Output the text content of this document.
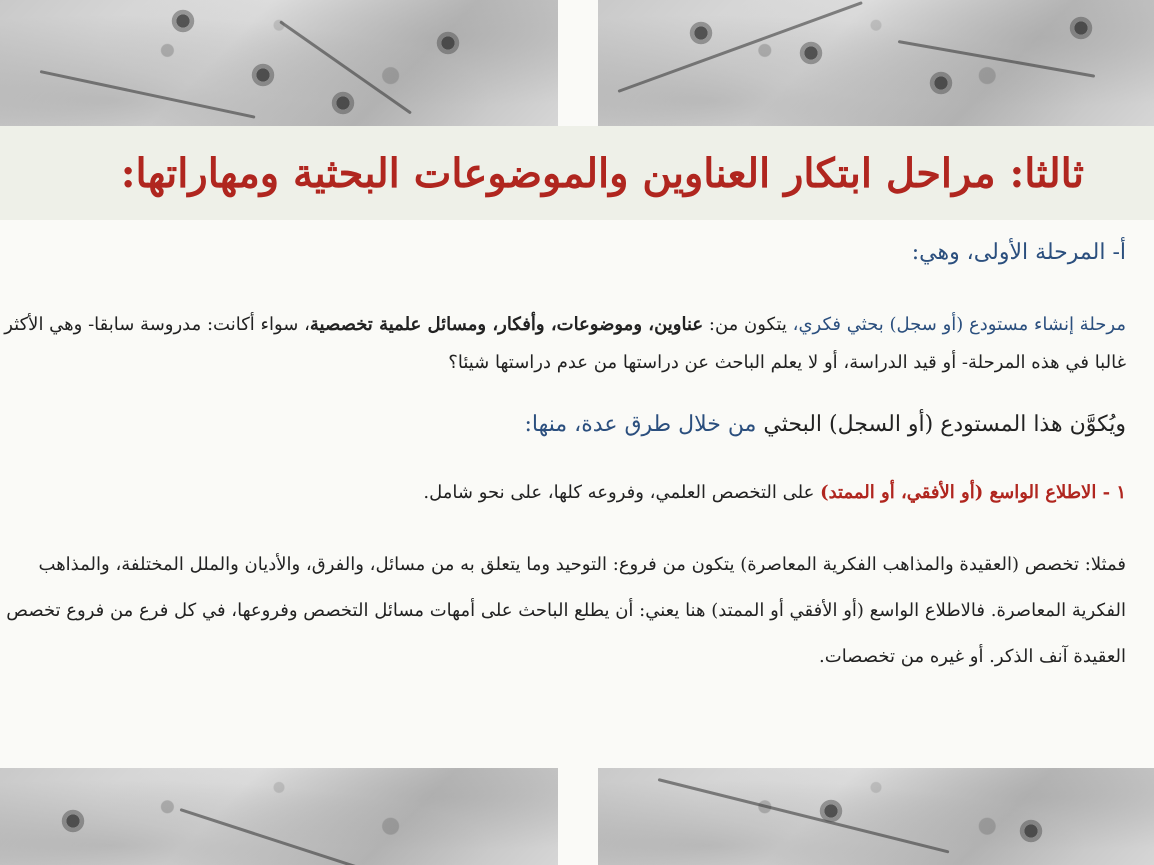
ثالثا: مراحل ابتكار العناوين والموضوعات البحثية ومهاراتها:
أ- المرحلة الأولى، وهي:

مرحلة إنشاء مستودع (أو سجل) بحثي فكري، يتكون من: عناوين، وموضوعات، وأفكار، ومسائل علمية تخصصية، سواء أكانت: مدروسة سابقا- وهي الأكثر غالبا في هذه المرحلة- أو قيد الدراسة، أو لا يعلم الباحث عن دراستها من عدم دراستها شيئا؟

ويُكوَّن هذا المستودع (أو السجل) البحثي من خلال طرق عدة، منها:

١ - الاطلاع الواسع (أو الأفقي، أو الممتد) على التخصص العلمي، وفروعه كلها، على نحو شامل.

فمثلا: تخصص (العقيدة والمذاهب الفكرية المعاصرة) يتكون من فروع: التوحيد وما يتعلق به من مسائل، والفرق، والأديان والملل المختلفة، والمذاهب الفكرية المعاصرة. فالاطلاع الواسع (أو الأفقي أو الممتد) هنا يعني: أن يطلع الباحث على أمهات مسائل التخصص وفروعها، في كل فرع من فروع تخصص العقيدة آنف الذكر. أو غيره من تخصصات.
